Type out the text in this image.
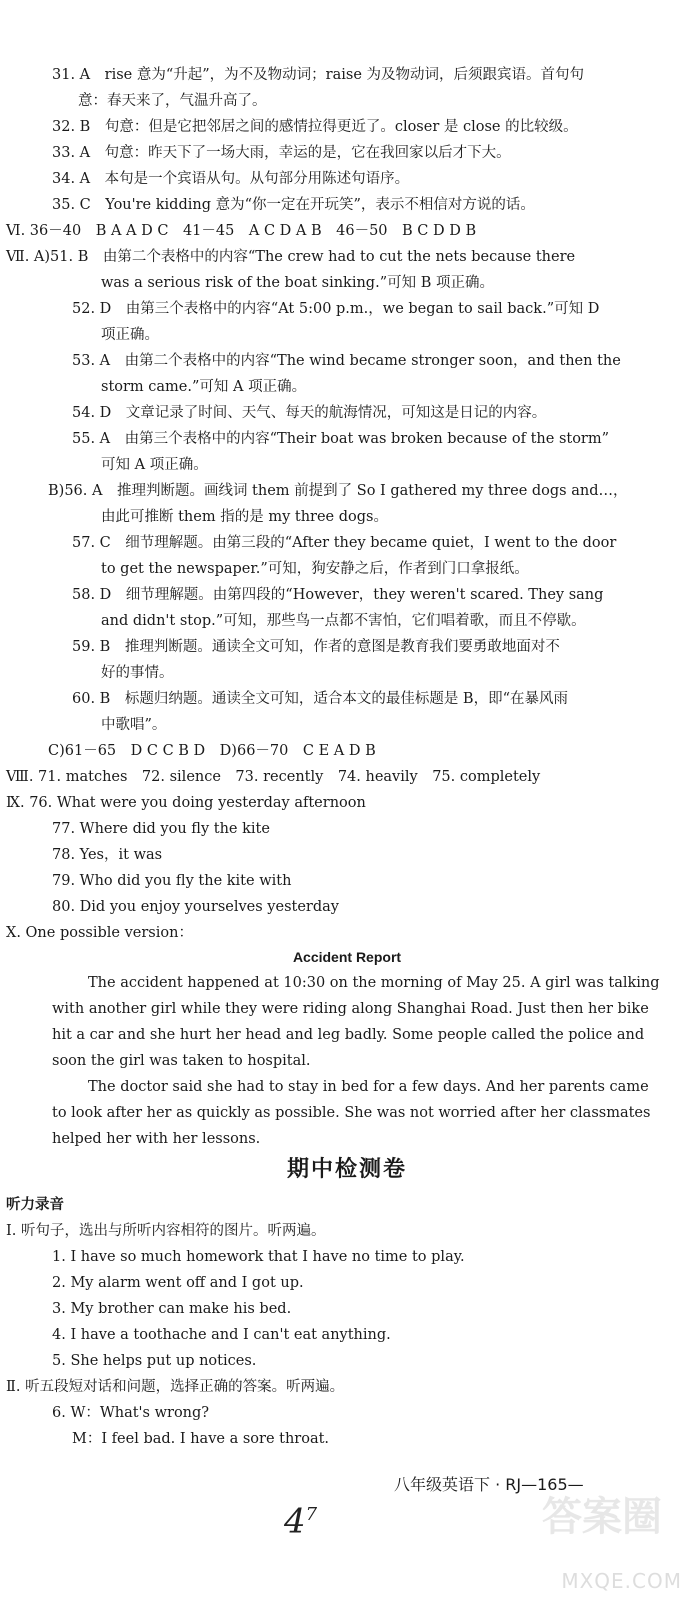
31. A　rise 意为“升起”，为不及物动词；raise 为及物动词，后须跟宾语。首句句
意：春天来了，气温升高了。
32. B　句意：但是它把邻居之间的感情拉得更近了。closer 是 close 的比较级。
33. A　句意：昨天下了一场大雨，幸运的是，它在我回家以后才下大。
34. A　本句是一个宾语从句。从句部分用陈述句语序。
35. C　You're kidding 意为“你一定在开玩笑”，表示不相信对方说的话。
Ⅵ. 36－40　B A A D C　41－45　A C D A B　46－50　B C D D B
Ⅶ. A)51. B　由第二个表格中的内容“The crew had to cut the nets because there
was a serious risk of the boat sinking.”可知 B 项正确。
52. D　由第三个表格中的内容“At 5:00 p.m.，we began to sail back.”可知 D
项正确。
53. A　由第二个表格中的内容“The wind became stronger soon，and then the
storm came.”可知 A 项正确。
54. D　文章记录了时间、天气、每天的航海情况，可知这是日记的内容。
55. A　由第三个表格中的内容“Their boat was broken because of the storm”
可知 A 项正确。
B)56. A　推理判断题。画线词 them 前提到了 So I gathered my three dogs and…，
由此可推断 them 指的是 my three dogs。
57. C　细节理解题。由第三段的“After they became quiet，I went to the door
to get the newspaper.”可知，狗安静之后，作者到门口拿报纸。
58. D　细节理解题。由第四段的“However，they weren't scared. They sang
and didn't stop.”可知，那些鸟一点都不害怕，它们唱着歌，而且不停歇。
59. B　推理判断题。通读全文可知，作者的意图是教育我们要勇敢地面对不
好的事情。
60. B　标题归纳题。通读全文可知，适合本文的最佳标题是 B，即“在暴风雨
中歌唱”。
C)61－65　D C C B D　D)66－70　C E A D B
Ⅷ. 71. matches　72. silence　73. recently　74. heavily　75. completely
Ⅸ. 76. What were you doing yesterday afternoon
77. Where did you fly the kite
78. Yes，it was
79. Who did you fly the kite with
80. Did you enjoy yourselves yesterday
Ⅹ. One possible version：
Accident Report
The accident happened at 10:30 on the morning of May 25. A girl was talking
with another girl while they were riding along Shanghai Road. Just then her bike
hit a car and she hurt her head and leg badly. Some people called the police and
soon the girl was taken to hospital.
The doctor said she had to stay in bed for a few days. And her parents came
to look after her as quickly as possible. She was not worried after her classmates
helped her with her lessons.
期中检测卷
听力录音
Ⅰ. 听句子，选出与所听内容相符的图片。听两遍。
1. I have so much homework that I have no time to play.
2. My alarm went off and I got up.
3. My brother can make his bed.
4. I have a toothache and I can't eat anything.
5. She helps put up notices.
Ⅱ. 听五段短对话和问题，选择正确的答案。听两遍。
6. W：What's wrong?
M：I feel bad. I have a sore throat.
八年级英语下 · RJ—165—
$4^7$	答案圈
MXQE.COM
